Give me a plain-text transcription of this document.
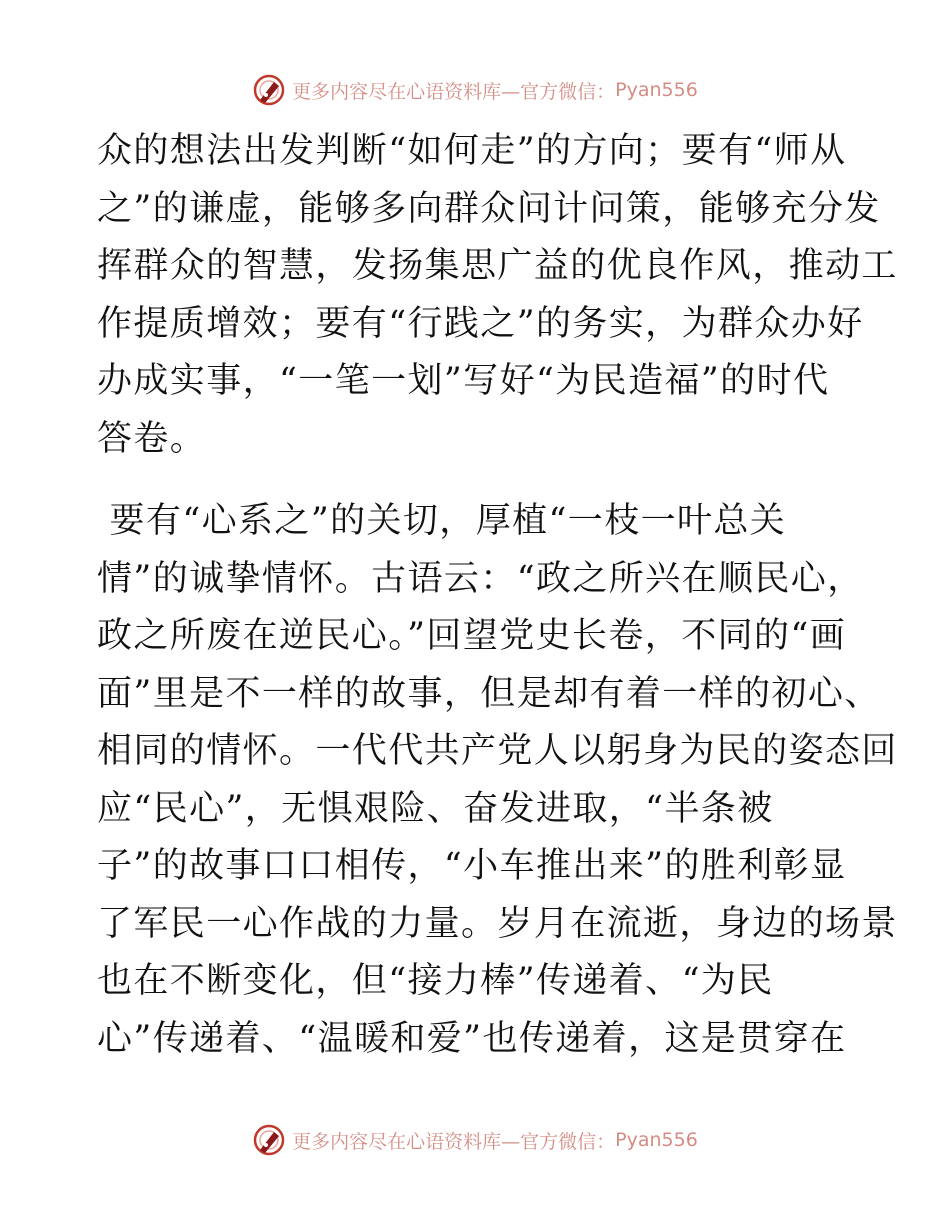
更多内容尽在心语资料库—官方微信： Pyan556
众的想法出发判断“如何走”的方向；要有“师从
之”的谦虚，能够多向群众问计问策，能够充分发
挥群众的智慧，发扬集思广益的优良作风，推动工
作提质增效；要有“行践之”的务实，为群众办好
办成实事，“一笔一划”写好“为民造福”的时代
答卷。
要有“心系之”的关切，厚植“一枝一叶总关
情”的诚挚情怀。古语云：“政之所兴在顺民心，
政之所废在逆民心。”回望党史长卷，不同的“画
面”里是不一样的故事，但是却有着一样的初心、
相同的情怀。一代代共产党人以躬身为民的姿态回
应“民心”，无惧艰险、奋发进取，“半条被
子”的故事口口相传，“小车推出来”的胜利彰显
了军民一心作战的力量。岁月在流逝，身边的场景
也在不断变化，但“接力棒”传递着、“为民
心”传递着、“温暖和爱”也传递着，这是贯穿在
更多内容尽在心语资料库—官方微信： Pyan556
